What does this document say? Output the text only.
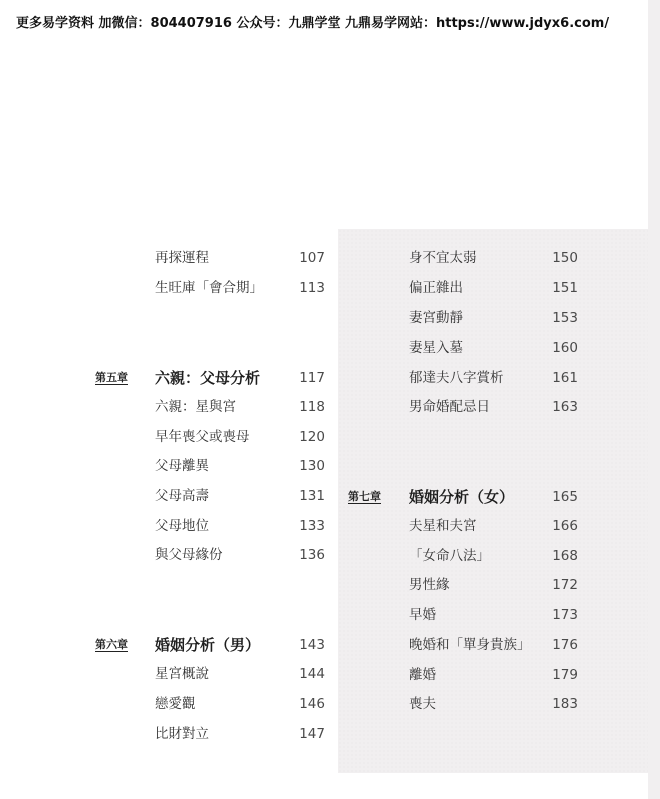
更多易学资料 加微信：804407916 公众号：九鼎学堂 九鼎易学网站：https://www.jdyx6.com/
再探運程	107
生旺庫「會合期」	113
第五章 六親：父母分析	117
六親：星與宮	118
早年喪父或喪母	120
父母離異	130
父母高壽	131
父母地位	133
與父母緣份	136
第六章 婚姻分析（男）	143
星宮概說	144
戀愛觀	146
比財對立	147
身不宜太弱	150
偏正雜出	151
妻宮動靜	153
妻星入墓	160
郁達夫八字賞析	161
男命婚配忌日	163
第七章 婚姻分析（女）	165
夫星和夫宮	166
「女命八法」	168
男性緣	172
早婚	173
晚婚和「單身貴族」	176
離婚	179
喪夫	183
